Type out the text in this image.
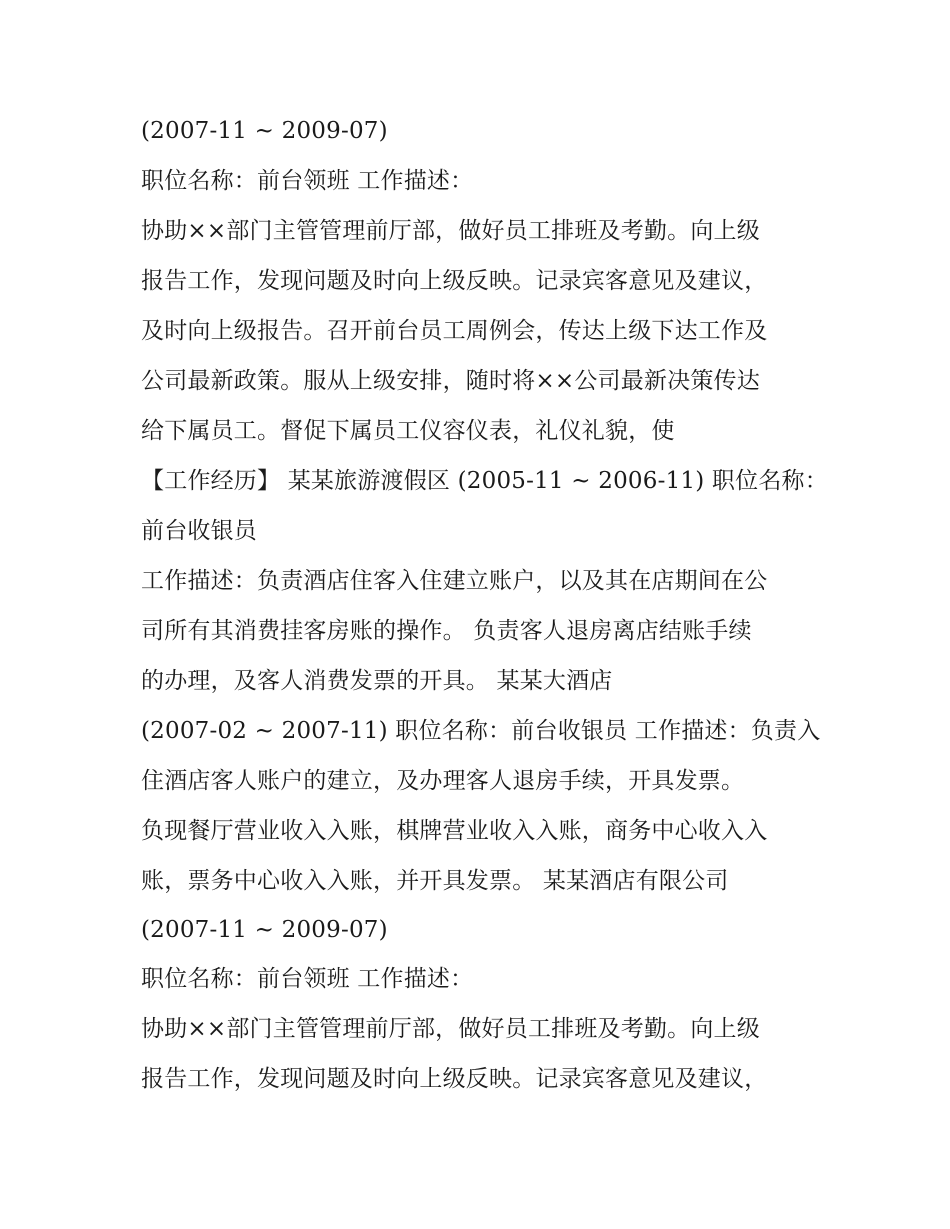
(2007-11 ~ 2009-07)
职位名称：前台领班 工作描述：
协助××部门主管管理前厅部，做好员工排班及考勤。向上级
报告工作，发现问题及时向上级反映。记录宾客意见及建议，
及时向上级报告。召开前台员工周例会，传达上级下达工作及
公司最新政策。服从上级安排，随时将××公司最新决策传达
给下属员工。督促下属员工仪容仪表，礼仪礼貌，使
【工作经历】 某某旅游渡假区 (2005-11 ~ 2006-11) 职位名称：
前台收银员
工作描述：负责酒店住客入住建立账户，以及其在店期间在公
司所有其消费挂客房账的操作。 负责客人退房离店结账手续
的办理，及客人消费发票的开具。 某某大酒店
(2007-02 ~ 2007-11) 职位名称：前台收银员 工作描述：负责入
住酒店客人账户的建立，及办理客人退房手续，开具发票。
负现餐厅营业收入入账，棋牌营业收入入账，商务中心收入入
账，票务中心收入入账，并开具发票。 某某酒店有限公司
(2007-11 ~ 2009-07)
职位名称：前台领班 工作描述：
协助××部门主管管理前厅部，做好员工排班及考勤。向上级
报告工作，发现问题及时向上级反映。记录宾客意见及建议，
